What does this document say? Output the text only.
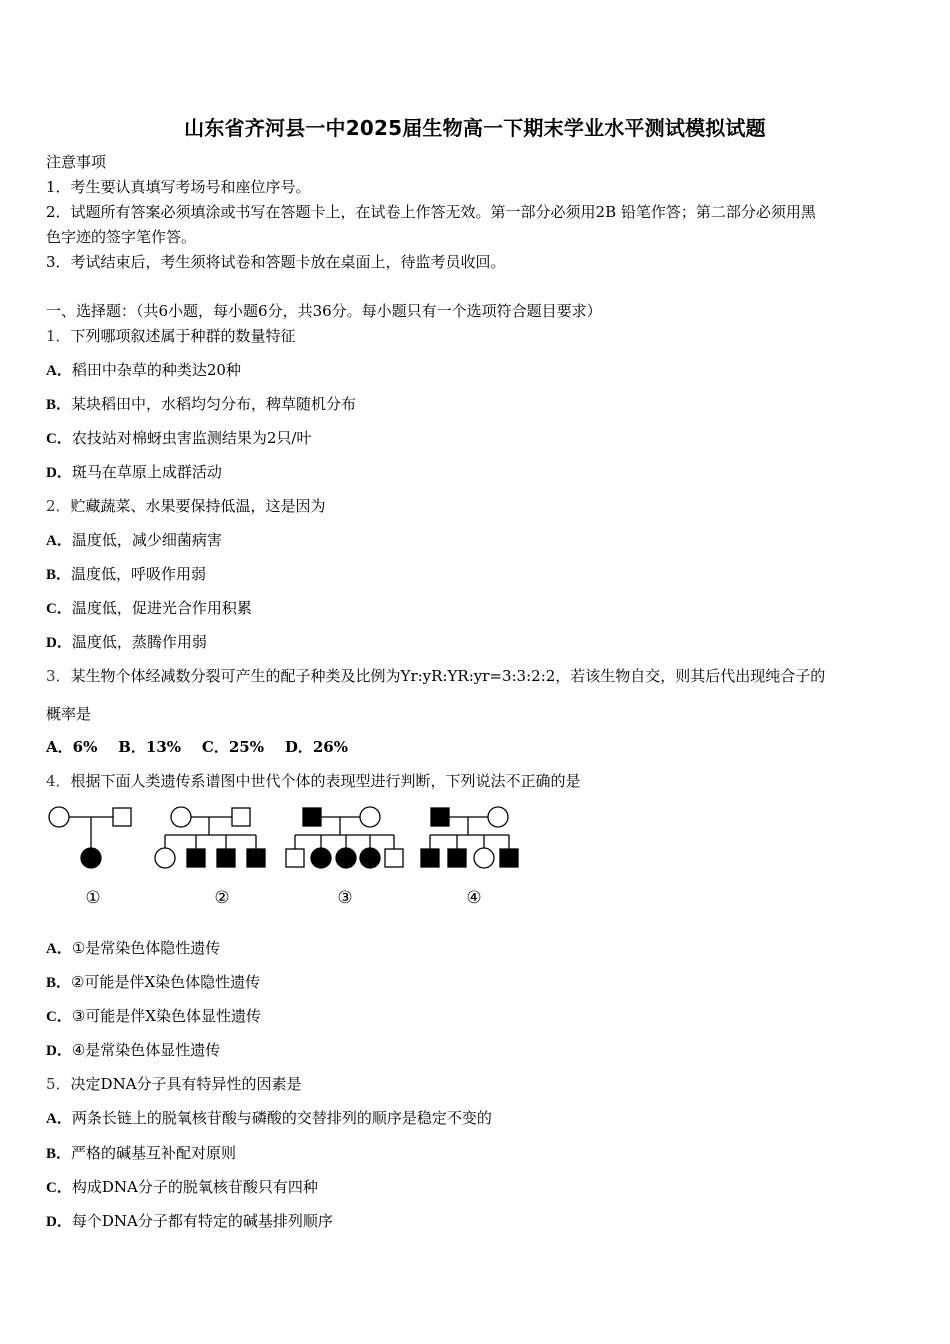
山东省齐河县一中2025届生物高一下期末学业水平测试模拟试题
注意事项
1．考生要认真填写考场号和座位序号。
2．试题所有答案必须填涂或书写在答题卡上，在试卷上作答无效。第一部分必须用2B 铅笔作答；第二部分必须用黑
色字迹的签字笔作答。
3．考试结束后，考生须将试卷和答题卡放在桌面上，待监考员收回。
一、选择题：（共6小题，每小题6分，共36分。每小题只有一个选项符合题目要求）
1．下列哪项叙述属于种群的数量特征
A．稻田中杂草的种类达20种
B．某块稻田中，水稻均匀分布，稗草随机分布
C．农技站对棉蚜虫害监测结果为2只/叶
D．斑马在草原上成群活动
2．贮藏蔬菜、水果要保持低温，这是因为
A．温度低，减少细菌病害
B．温度低，呼吸作用弱
C．温度低，促进光合作用积累
D．温度低，蒸腾作用弱
3．某生物个体经减数分裂可产生的配子种类及比例为Yr:yR:YR:yr=3:3:2:2，若该生物自交，则其后代出现纯合子的
概率是
A．6%    B．13%    C．25%    D．26%
4．根据下面人类遗传系谱图中世代个体的表现型进行判断，下列说法不正确的是
①	②	③	④
A．①是常染色体隐性遗传
B．②可能是伴X染色体隐性遗传
C．③可能是伴X染色体显性遗传
D．④是常染色体显性遗传
5．决定DNA分子具有特异性的因素是
A．两条长链上的脱氧核苷酸与磷酸的交替排列的顺序是稳定不变的
B．严格的碱基互补配对原则
C．构成DNA分子的脱氧核苷酸只有四种
D．每个DNA分子都有特定的碱基排列顺序
